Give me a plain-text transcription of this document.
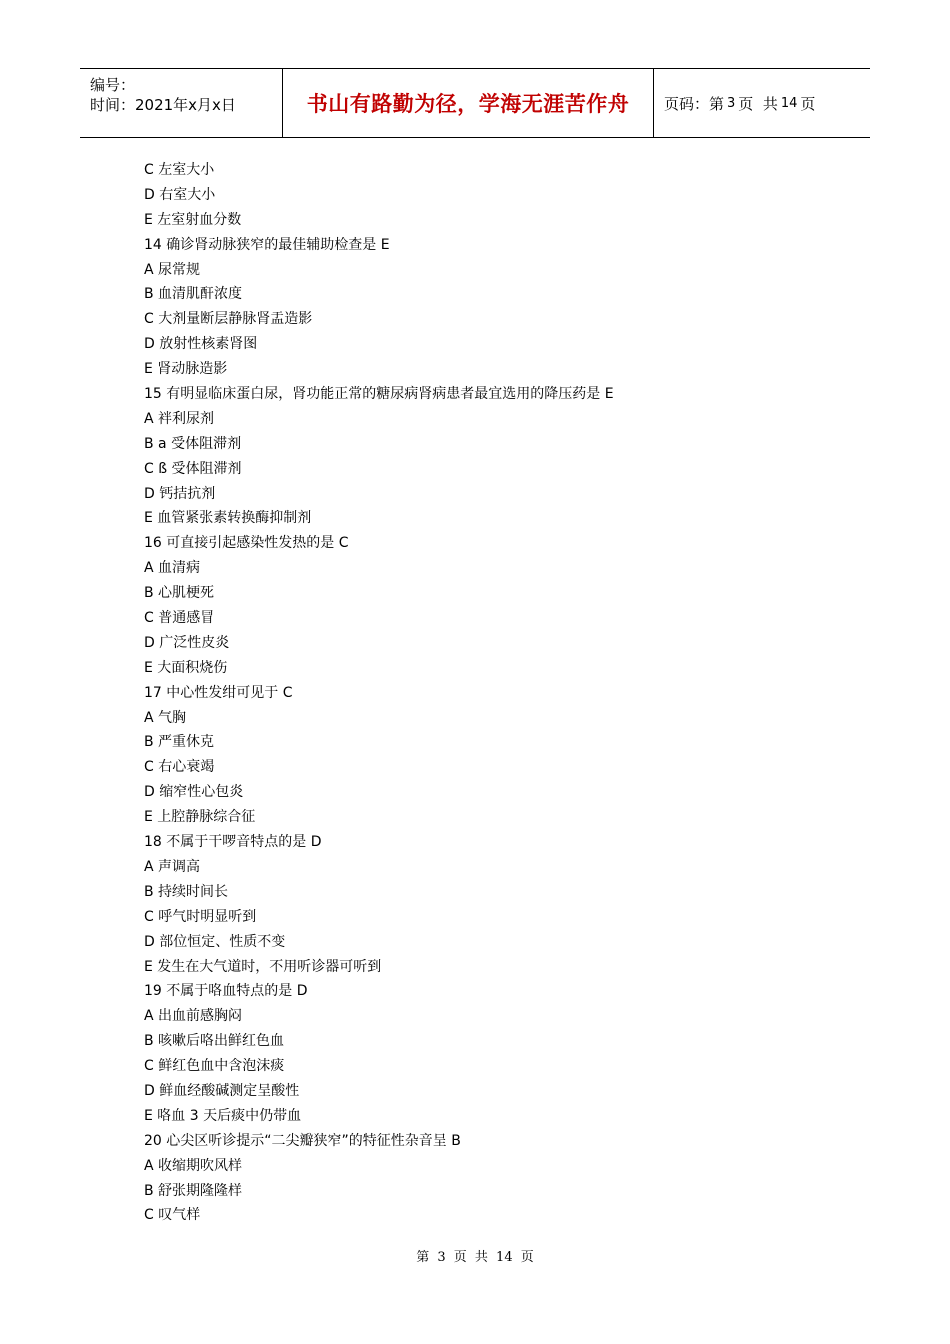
编号：
时间：2021年x月x日	书山有路勤为径，学海无涯苦作舟 页码：第 3 页  共 14 页
C 左室大小
D 右室大小
E 左室射血分数
14 确诊肾动脉狭窄的最佳辅助检查是 E
A 尿常规
B 血清肌酐浓度
C 大剂量断层静脉肾盂造影
D 放射性核素肾图
E 肾动脉造影
15 有明显临床蛋白尿，肾功能正常的糖尿病肾病患者最宜选用的降压药是 E
A 袢利尿剂
B a 受体阻滞剂
C ß 受体阻滞剂
D 钙拮抗剂
E 血管紧张素转换酶抑制剂
16 可直接引起感染性发热的是 C
A 血清病
B 心肌梗死
C 普通感冒
D 广泛性皮炎
E 大面积烧伤
17 中心性发绀可见于 C
A 气胸
B 严重休克
C 右心衰竭
D 缩窄性心包炎
E 上腔静脉综合征
18 不属于干啰音特点的是 D
A 声调高
B 持续时间长
C 呼气时明显听到
D 部位恒定、性质不变
E 发生在大气道时，不用听诊器可听到
19 不属于咯血特点的是 D
A 出血前感胸闷
B 咳嗽后咯出鲜红色血
C 鲜红色血中含泡沫痰
D 鲜血经酸碱测定呈酸性
E 咯血 3 天后痰中仍带血
20 心尖区听诊提示“二尖瓣狭窄”的特征性杂音呈 B
A 收缩期吹风样
B 舒张期隆隆样
C 叹气样
第 3 页 共 14 页
